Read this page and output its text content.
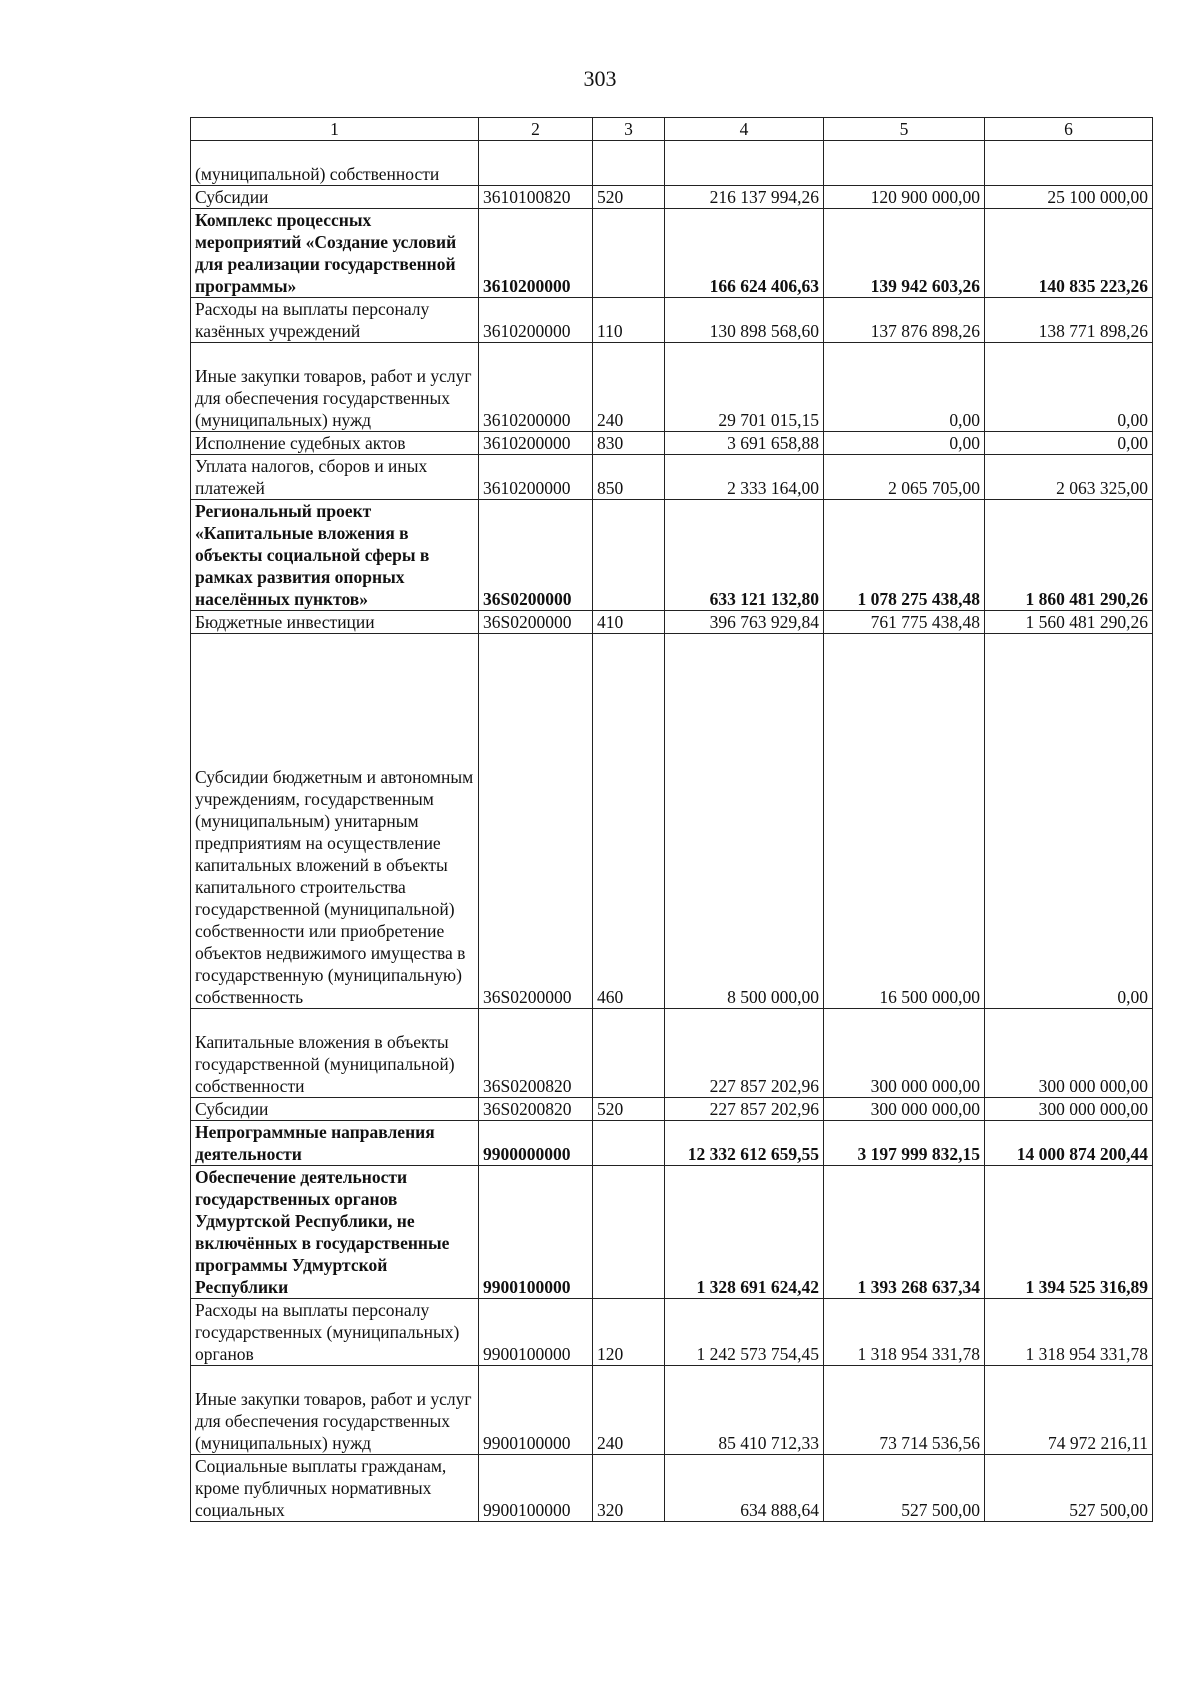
303
1	2	3	4	5	6
(муниципальной) собственности					
Субсидии	3610100820	520	216 137 994,26	120 900 000,00	25 100 000,00
Комплекс процессных мероприятий «Создание условий для реализации государственной программы»	3610200000		166 624 406,63	139 942 603,26	140 835 223,26
Расходы на выплаты персоналу казённых учреждений	3610200000	110	130 898 568,60	137 876 898,26	138 771 898,26
Иные закупки товаров, работ и услуг для обеспечения государственных (муниципальных) нужд	3610200000	240	29 701 015,15	0,00	0,00
Исполнение судебных актов	3610200000	830	3 691 658,88	0,00	0,00
Уплата налогов, сборов и иных платежей	3610200000	850	2 333 164,00	2 065 705,00	2 063 325,00
Региональный проект «Капитальные вложения в объекты социальной сферы в рамках развития опорных населённых пунктов»	36S0200000		633 121 132,80	1 078 275 438,48	1 860 481 290,26
Бюджетные инвестиции	36S0200000	410	396 763 929,84	761 775 438,48	1 560 481 290,26
Субсидии бюджетным и автономным учреждениям, государственным (муниципальным) унитарным предприятиям на осуществление капитальных вложений в объекты капитального строительства государственной (муниципальной) собственности или приобретение объектов недвижимого имущества в государственную (муниципальную) собственность	36S0200000	460	8 500 000,00	16 500 000,00	0,00
Капитальные вложения в объекты государственной (муниципальной) собственности	36S0200820		227 857 202,96	300 000 000,00	300 000 000,00
Субсидии	36S0200820	520	227 857 202,96	300 000 000,00	300 000 000,00
Непрограммные направления деятельности	9900000000		12 332 612 659,55	3 197 999 832,15	14 000 874 200,44
Обеспечение деятельности государственных органов Удмуртской Республики, не включённых в государственные программы Удмуртской Республики	9900100000		1 328 691 624,42	1 393 268 637,34	1 394 525 316,89
Расходы на выплаты персоналу государственных (муниципальных) органов	9900100000	120	1 242 573 754,45	1 318 954 331,78	1 318 954 331,78
Иные закупки товаров, работ и услуг для обеспечения государственных (муниципальных) нужд	9900100000	240	85 410 712,33	73 714 536,56	74 972 216,11
Социальные выплаты гражданам, кроме публичных нормативных социальных	9900100000	320	634 888,64	527 500,00	527 500,00
